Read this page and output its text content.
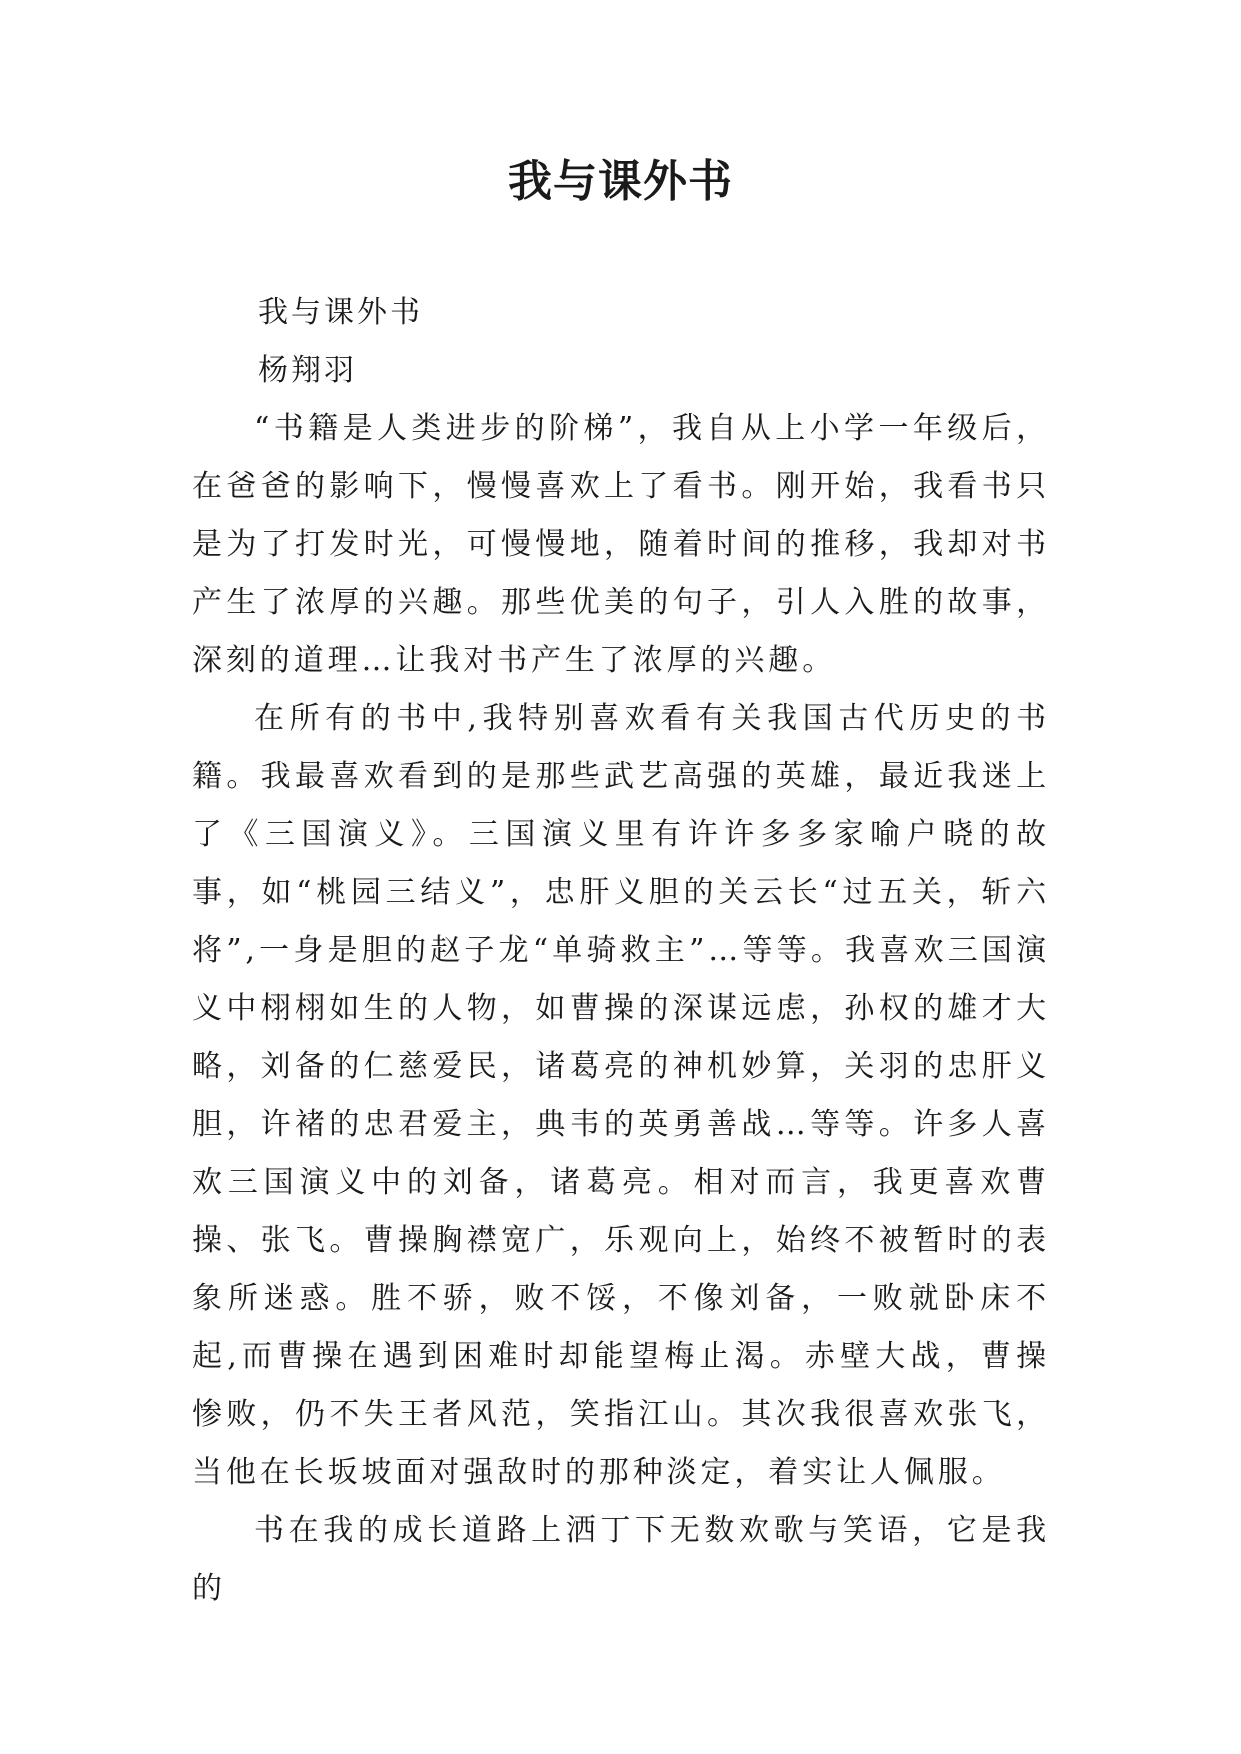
我与课外书
我与课外书
杨翔羽

“书籍是人类进步的阶梯”，我自从上小学一年级后，在爸爸的影响下，慢慢喜欢上了看书。刚开始，我看书只是为了打发时光，可慢慢地，随着时间的推移，我却对书产生了浓厚的兴趣。那些优美的句子，引人入胜的故事，深刻的道理…让我对书产生了浓厚的兴趣。

在所有的书中,我特别喜欢看有关我国古代历史的书籍。我最喜欢看到的是那些武艺高强的英雄，最近我迷上了《三国演义》。三国演义里有许许多多家喻户晓的故事，如“桃园三结义”，忠肝义胆的关云长“过五关，斩六将”,一身是胆的赵子龙“单骑救主”…等等。我喜欢三国演义中栩栩如生的人物，如曹操的深谋远虑，孙权的雄才大略，刘备的仁慈爱民，诸葛亮的神机妙算，关羽的忠肝义胆，许褚的忠君爱主，典韦的英勇善战…等等。许多人喜欢三国演义中的刘备，诸葛亮。相对而言，我更喜欢曹操、张飞。曹操胸襟宽广，乐观向上，始终不被暂时的表象所迷惑。胜不骄，败不馁，不像刘备，一败就卧床不起,而曹操在遇到困难时却能望梅止渴。赤壁大战，曹操惨败，仍不失王者风范，笑指江山。其次我很喜欢张飞，当他在长坂坡面对强敌时的那种淡定，着实让人佩服。

书在我的成长道路上洒丁下无数欢歌与笑语，它是我的
